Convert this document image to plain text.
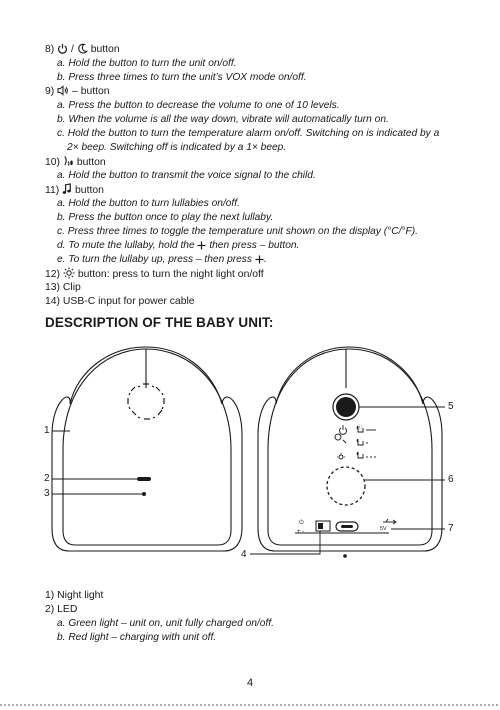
8) / button
a. Hold the button to turn the unit on/off.
b. Press three times to turn the unit’s VOX mode on/off.
9) – button
a. Press the button to decrease the volume to one of 10 levels.
b. When the volume is all the way down, vibrate will automatically turn on.
c. Hold the button to turn the temperature alarm on/off. Switching on is indicated by a
2× beep. Switching off is indicated by a 1× beep.
10) button
a. Hold the button to transmit the voice signal to the child.
11) button
a. Hold the button to turn lullabies on/off.
b. Press the button once to play the next lullaby.
c. Press three times to toggle the temperature unit shown on the display (°C/°F).
d. To mute the lullaby, hold the then press – button.
e. To turn the lullaby up, press – then press .
12) button: press to turn the night light on/off
13) Clip
14) USB-C input for power cable
DESCRIPTION OF THE BABY UNIT:
ⓘ
⏻
+ -	5V
1
2
3
4
5
6
7
1) Night light
2) LED
a. Green light – unit on, unit fully charged on/off.
b. Red light – charging with unit off.
4
